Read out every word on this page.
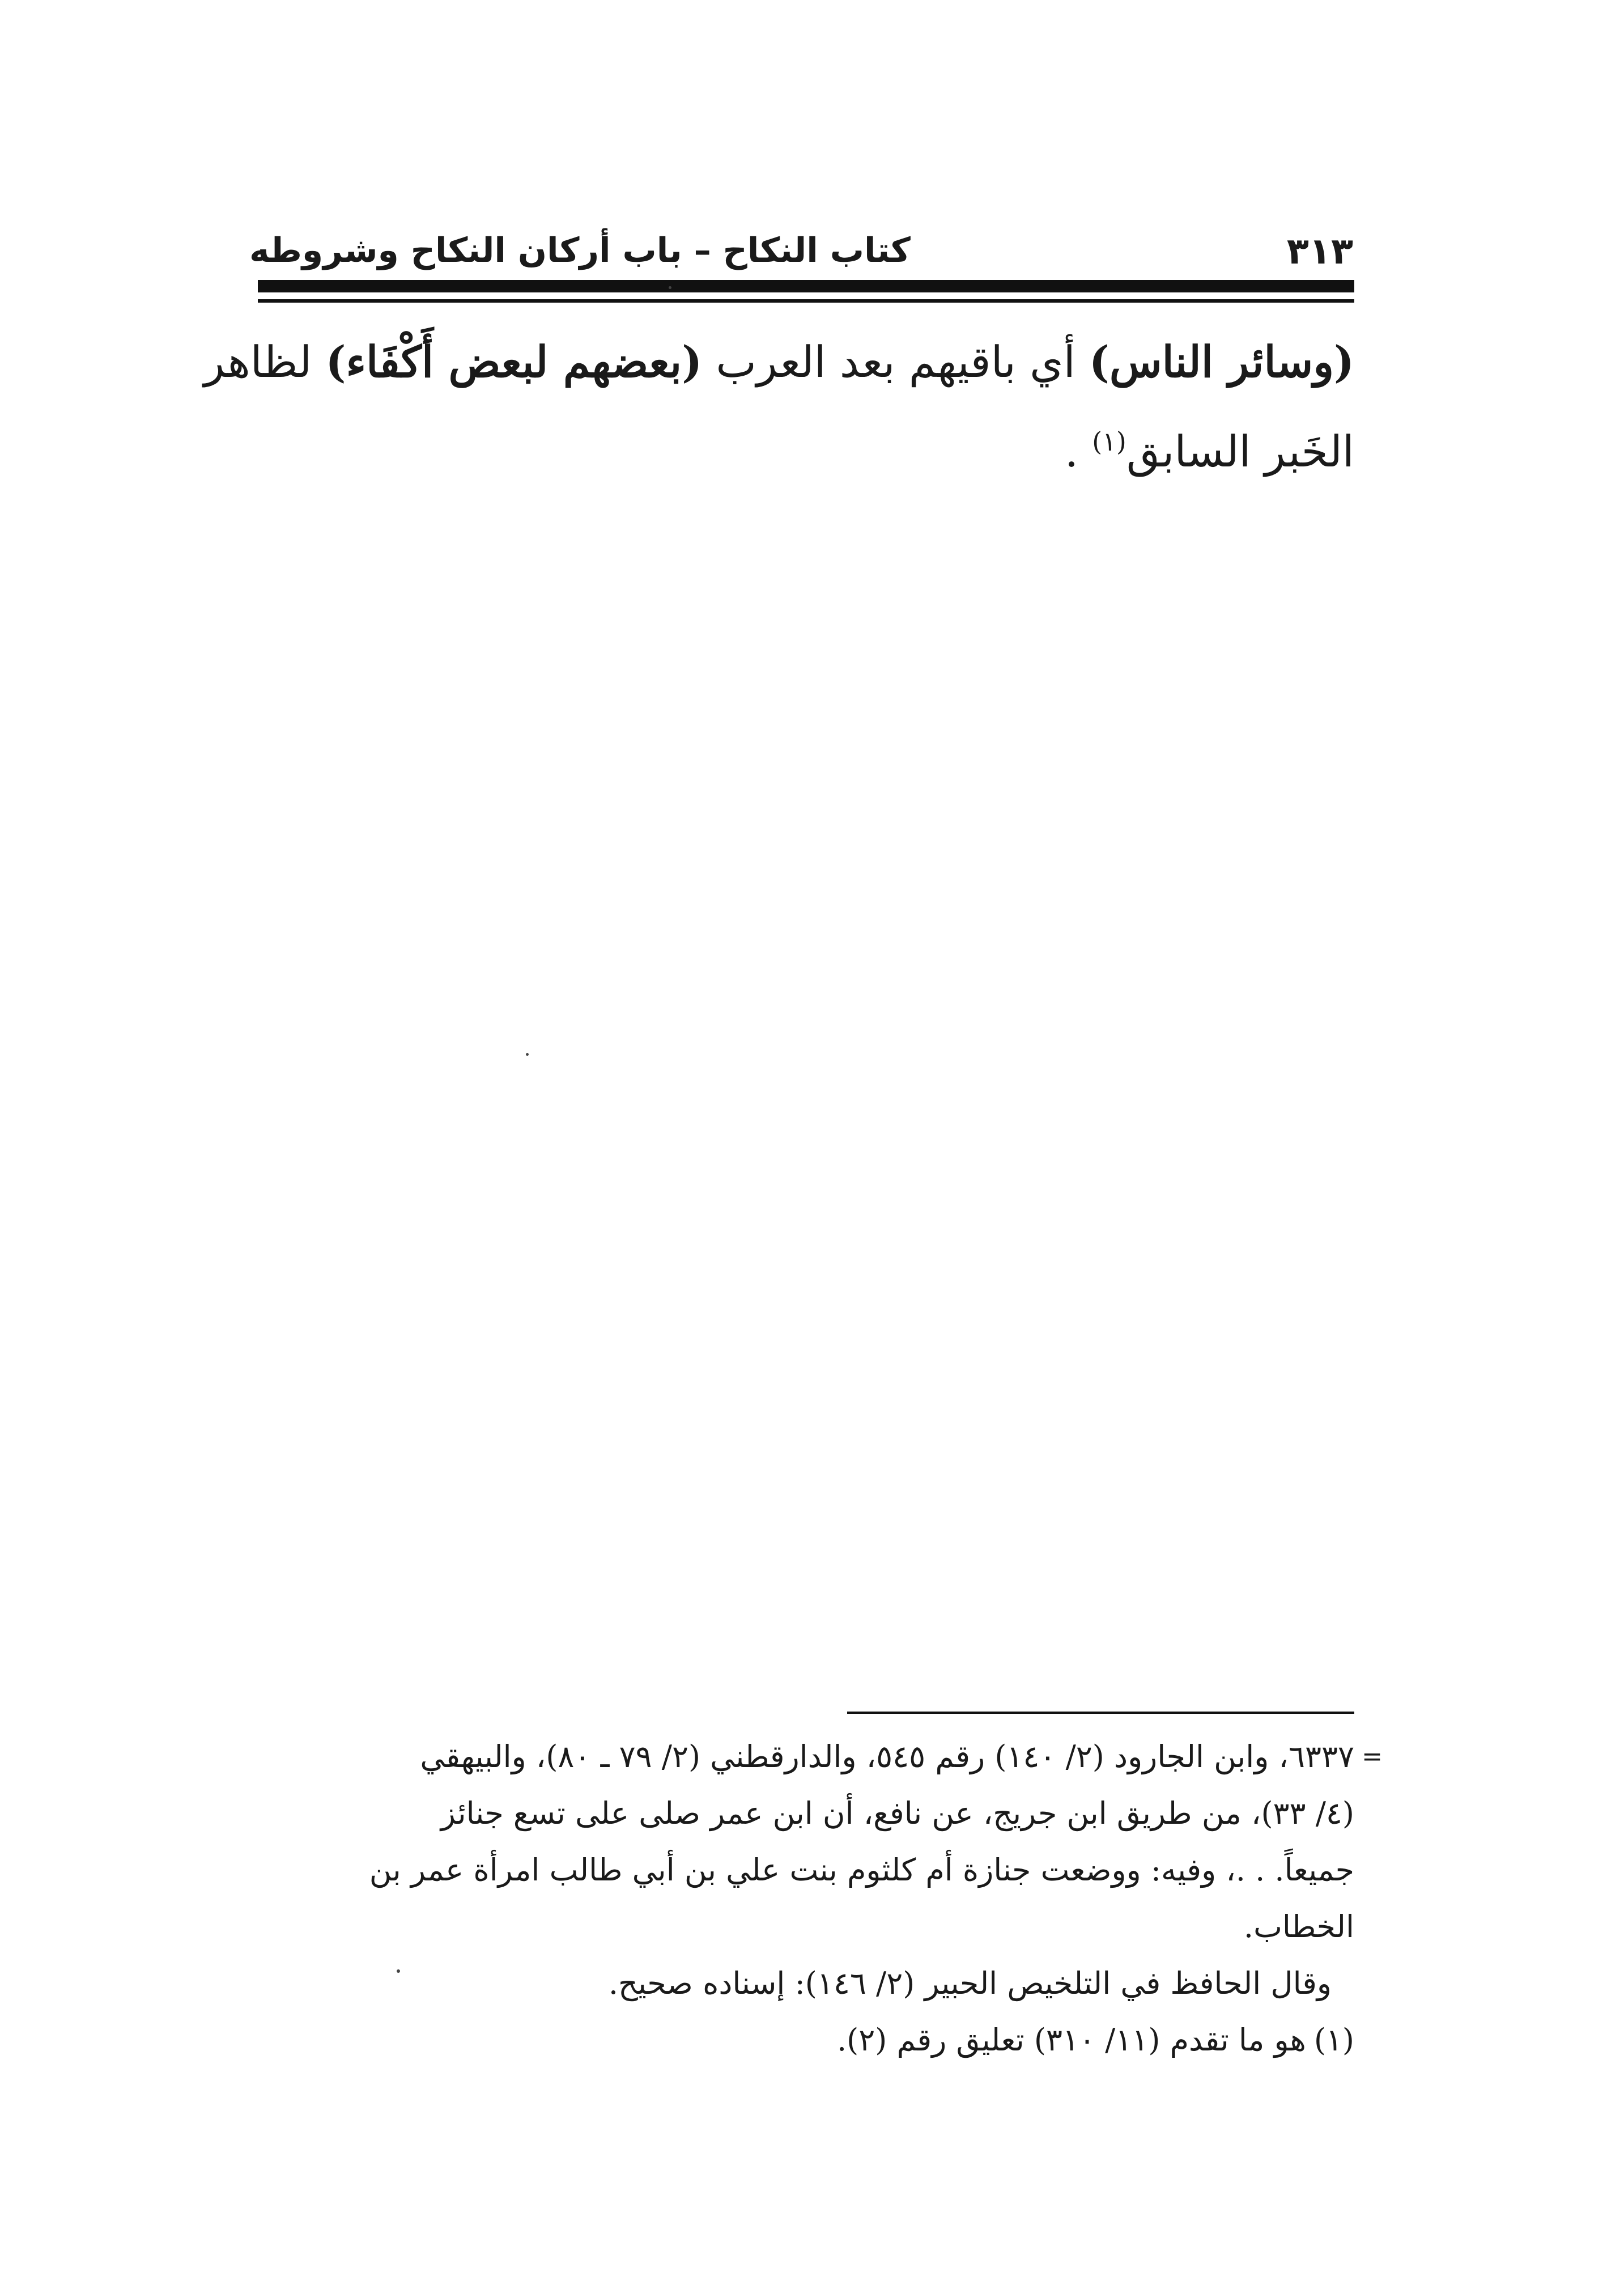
٣١٣
كتاب النكاح – باب أركان النكاح وشروطه
(وسائر الناس) أي باقيهم بعد العرب (بعضهم لبعض أَكْفَاء) لظاهر
الخَبر السابق$^{(١)}$ .
=
٦٣٣٧، وابن الجارود (٢/ ١٤٠) رقم ٥٤٥، والدارقطني (٢/ ٧٩ ـ ٨٠)، والبيهقي
(٤/ ٣٣)، من طريق ابن جريج، عن نافع، أن ابن عمر صلى على تسع جنائز
جميعاً. . .، وفيه: ووضعت جنازة أم كلثوم بنت علي بن أبي طالب امرأة عمر بن
الخطاب.
وقال الحافظ في التلخيص الحبير (٢/ ١٤٦): إسناده صحيح.
(١)هو ما تقدم (١١/ ٣١٠) تعليق رقم (٢).
